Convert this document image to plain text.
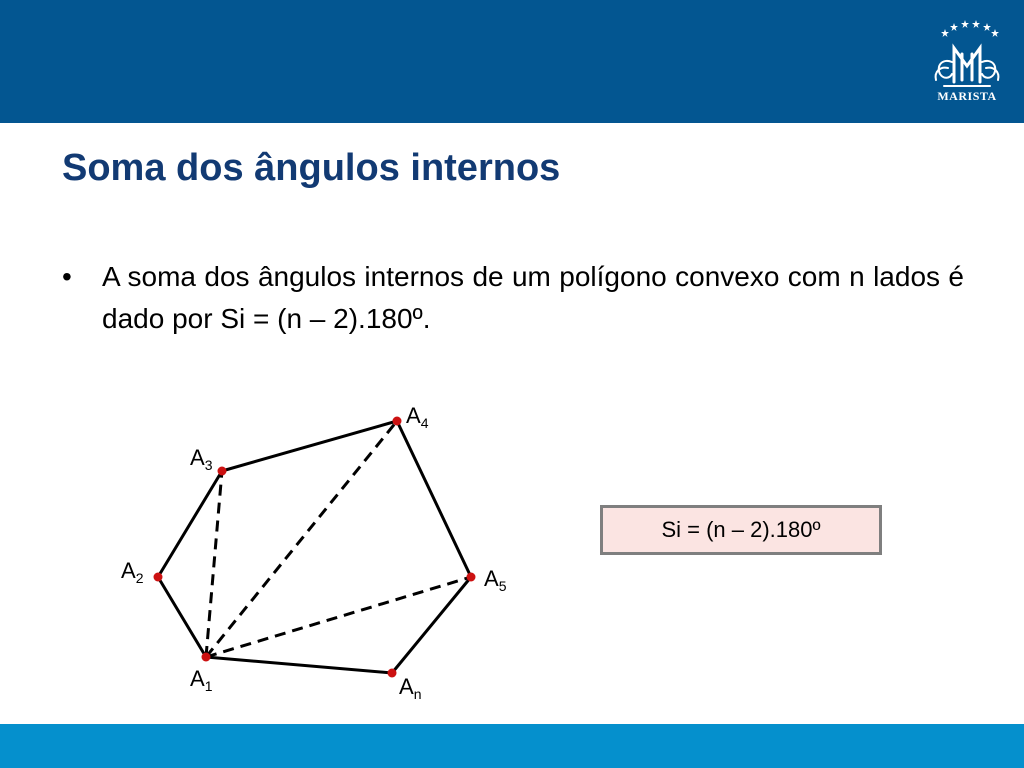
MARISTA
Soma dos ângulos internos
•	A soma dos ângulos internos de um polígono convexo com n lados é dado por Si = (n – 2).180º.
$A_1$
$A_2$
$A_3$
$A_4$
$A_5$
$A_n$
Si = (n – 2).180º
